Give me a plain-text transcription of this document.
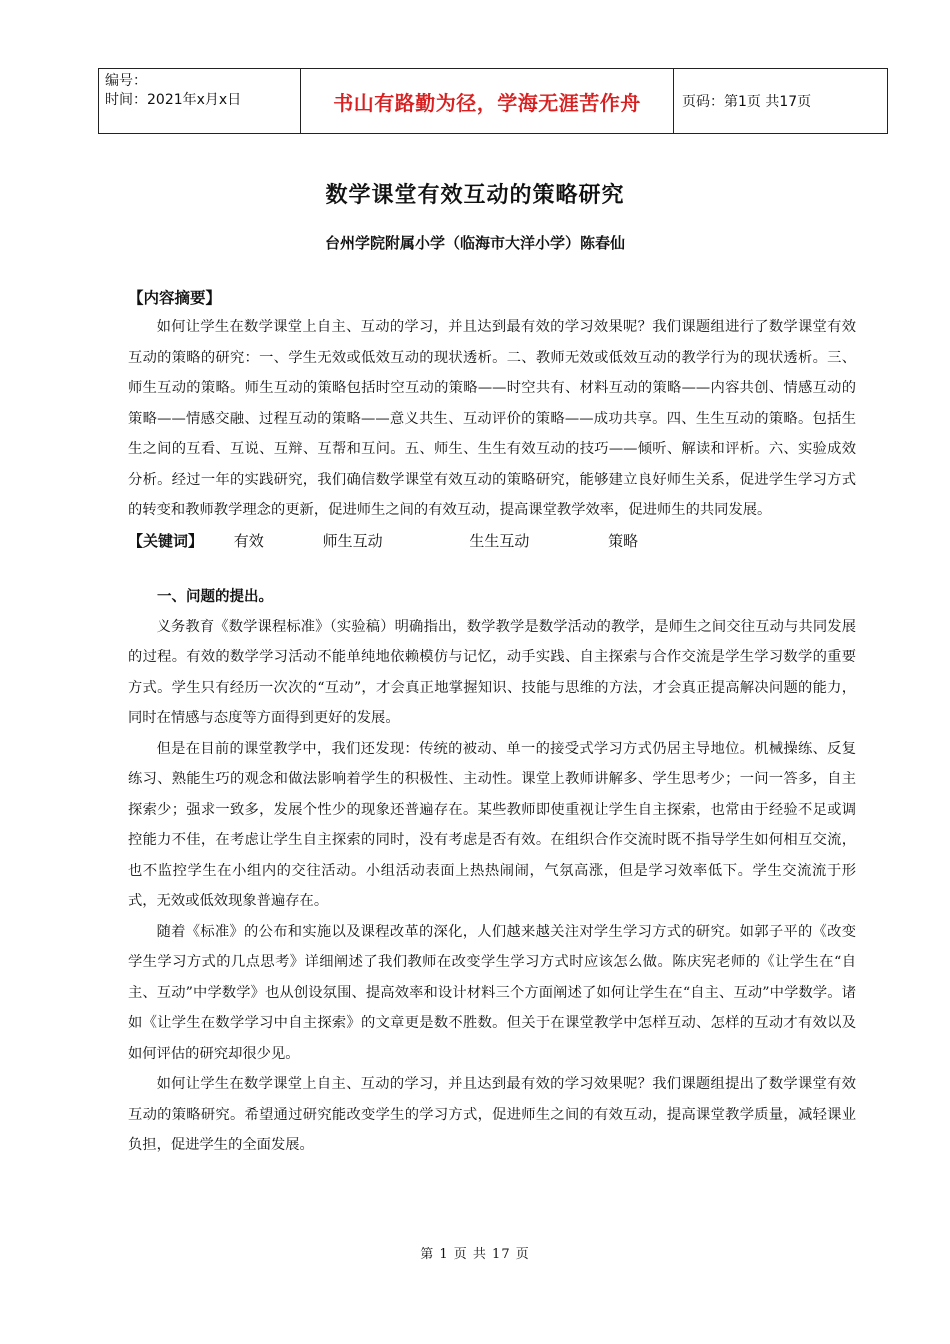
编号：
时间：2021年x月x日	书山有路勤为径，学海无涯苦作舟	页码：第1页 共17页
数学课堂有效互动的策略研究
台州学院附属小学（临海市大洋小学）陈春仙
【内容摘要】

如何让学生在数学课堂上自主、互动的学习，并且达到最有效的学习效果呢？我们课题组进行了数学课堂有效互动的策略的研究：一、学生无效或低效互动的现状透析。二、教师无效或低效互动的教学行为的现状透析。三、师生互动的策略。师生互动的策略包括时空互动的策略——时空共有、材料互动的策略——内容共创、情感互动的策略——情感交融、过程互动的策略——意义共生、互动评价的策略——成功共享。四、生生互动的策略。包括生生之间的互看、互说、互辩、互帮和互问。五、师生、生生有效互动的技巧——倾听、解读和评析。六、实验成效分析。经过一年的实践研究，我们确信数学课堂有效互动的策略研究，能够建立良好师生关系，促进学生学习方式的转变和教师教学理念的更新，促进师生之间的有效互动，提高课堂教学效率，促进师生的共同发展。

【关键词】 有效	师生互动	生生互动	策略
一、问题的提出。

义务教育《数学课程标准》（实验稿）明确指出，数学教学是数学活动的教学，是师生之间交往互动与共同发展的过程。有效的数学学习活动不能单纯地依赖模仿与记忆，动手实践、自主探索与合作交流是学生学习数学的重要方式。学生只有经历一次次的“互动”，才会真正地掌握知识、技能与思维的方法，才会真正提高解决问题的能力，同时在情感与态度等方面得到更好的发展。

但是在目前的课堂教学中，我们还发现：传统的被动、单一的接受式学习方式仍居主导地位。机械操练、反复练习、熟能生巧的观念和做法影响着学生的积极性、主动性。课堂上教师讲解多、学生思考少；一问一答多，自主探索少；强求一致多，发展个性少的现象还普遍存在。某些教师即使重视让学生自主探索，也常由于经验不足或调控能力不佳，在考虑让学生自主探索的同时，没有考虑是否有效。在组织合作交流时既不指导学生如何相互交流，也不监控学生在小组内的交往活动。小组活动表面上热热闹闹，气氛高涨，但是学习效率低下。学生交流流于形式，无效或低效现象普遍存在。

随着《标准》的公布和实施以及课程改革的深化，人们越来越关注对学生学习方式的研究。如郭子平的《改变学生学习方式的几点思考》详细阐述了我们教师在改变学生学习方式时应该怎么做。陈庆宪老师的《让学生在“自主、互动”中学数学》也从创设氛围、提高效率和设计材料三个方面阐述了如何让学生在“自主、互动”中学数学。诸如《让学生在数学学习中自主探索》的文章更是数不胜数。但关于在课堂教学中怎样互动、怎样的互动才有效以及如何评估的研究却很少见。

如何让学生在数学课堂上自主、互动的学习，并且达到最有效的学习效果呢？我们课题组提出了数学课堂有效互动的策略研究。希望通过研究能改变学生的学习方式，促进师生之间的有效互动，提高课堂教学质量，减轻课业负担，促进学生的全面发展。

第 1 页 共 17 页
